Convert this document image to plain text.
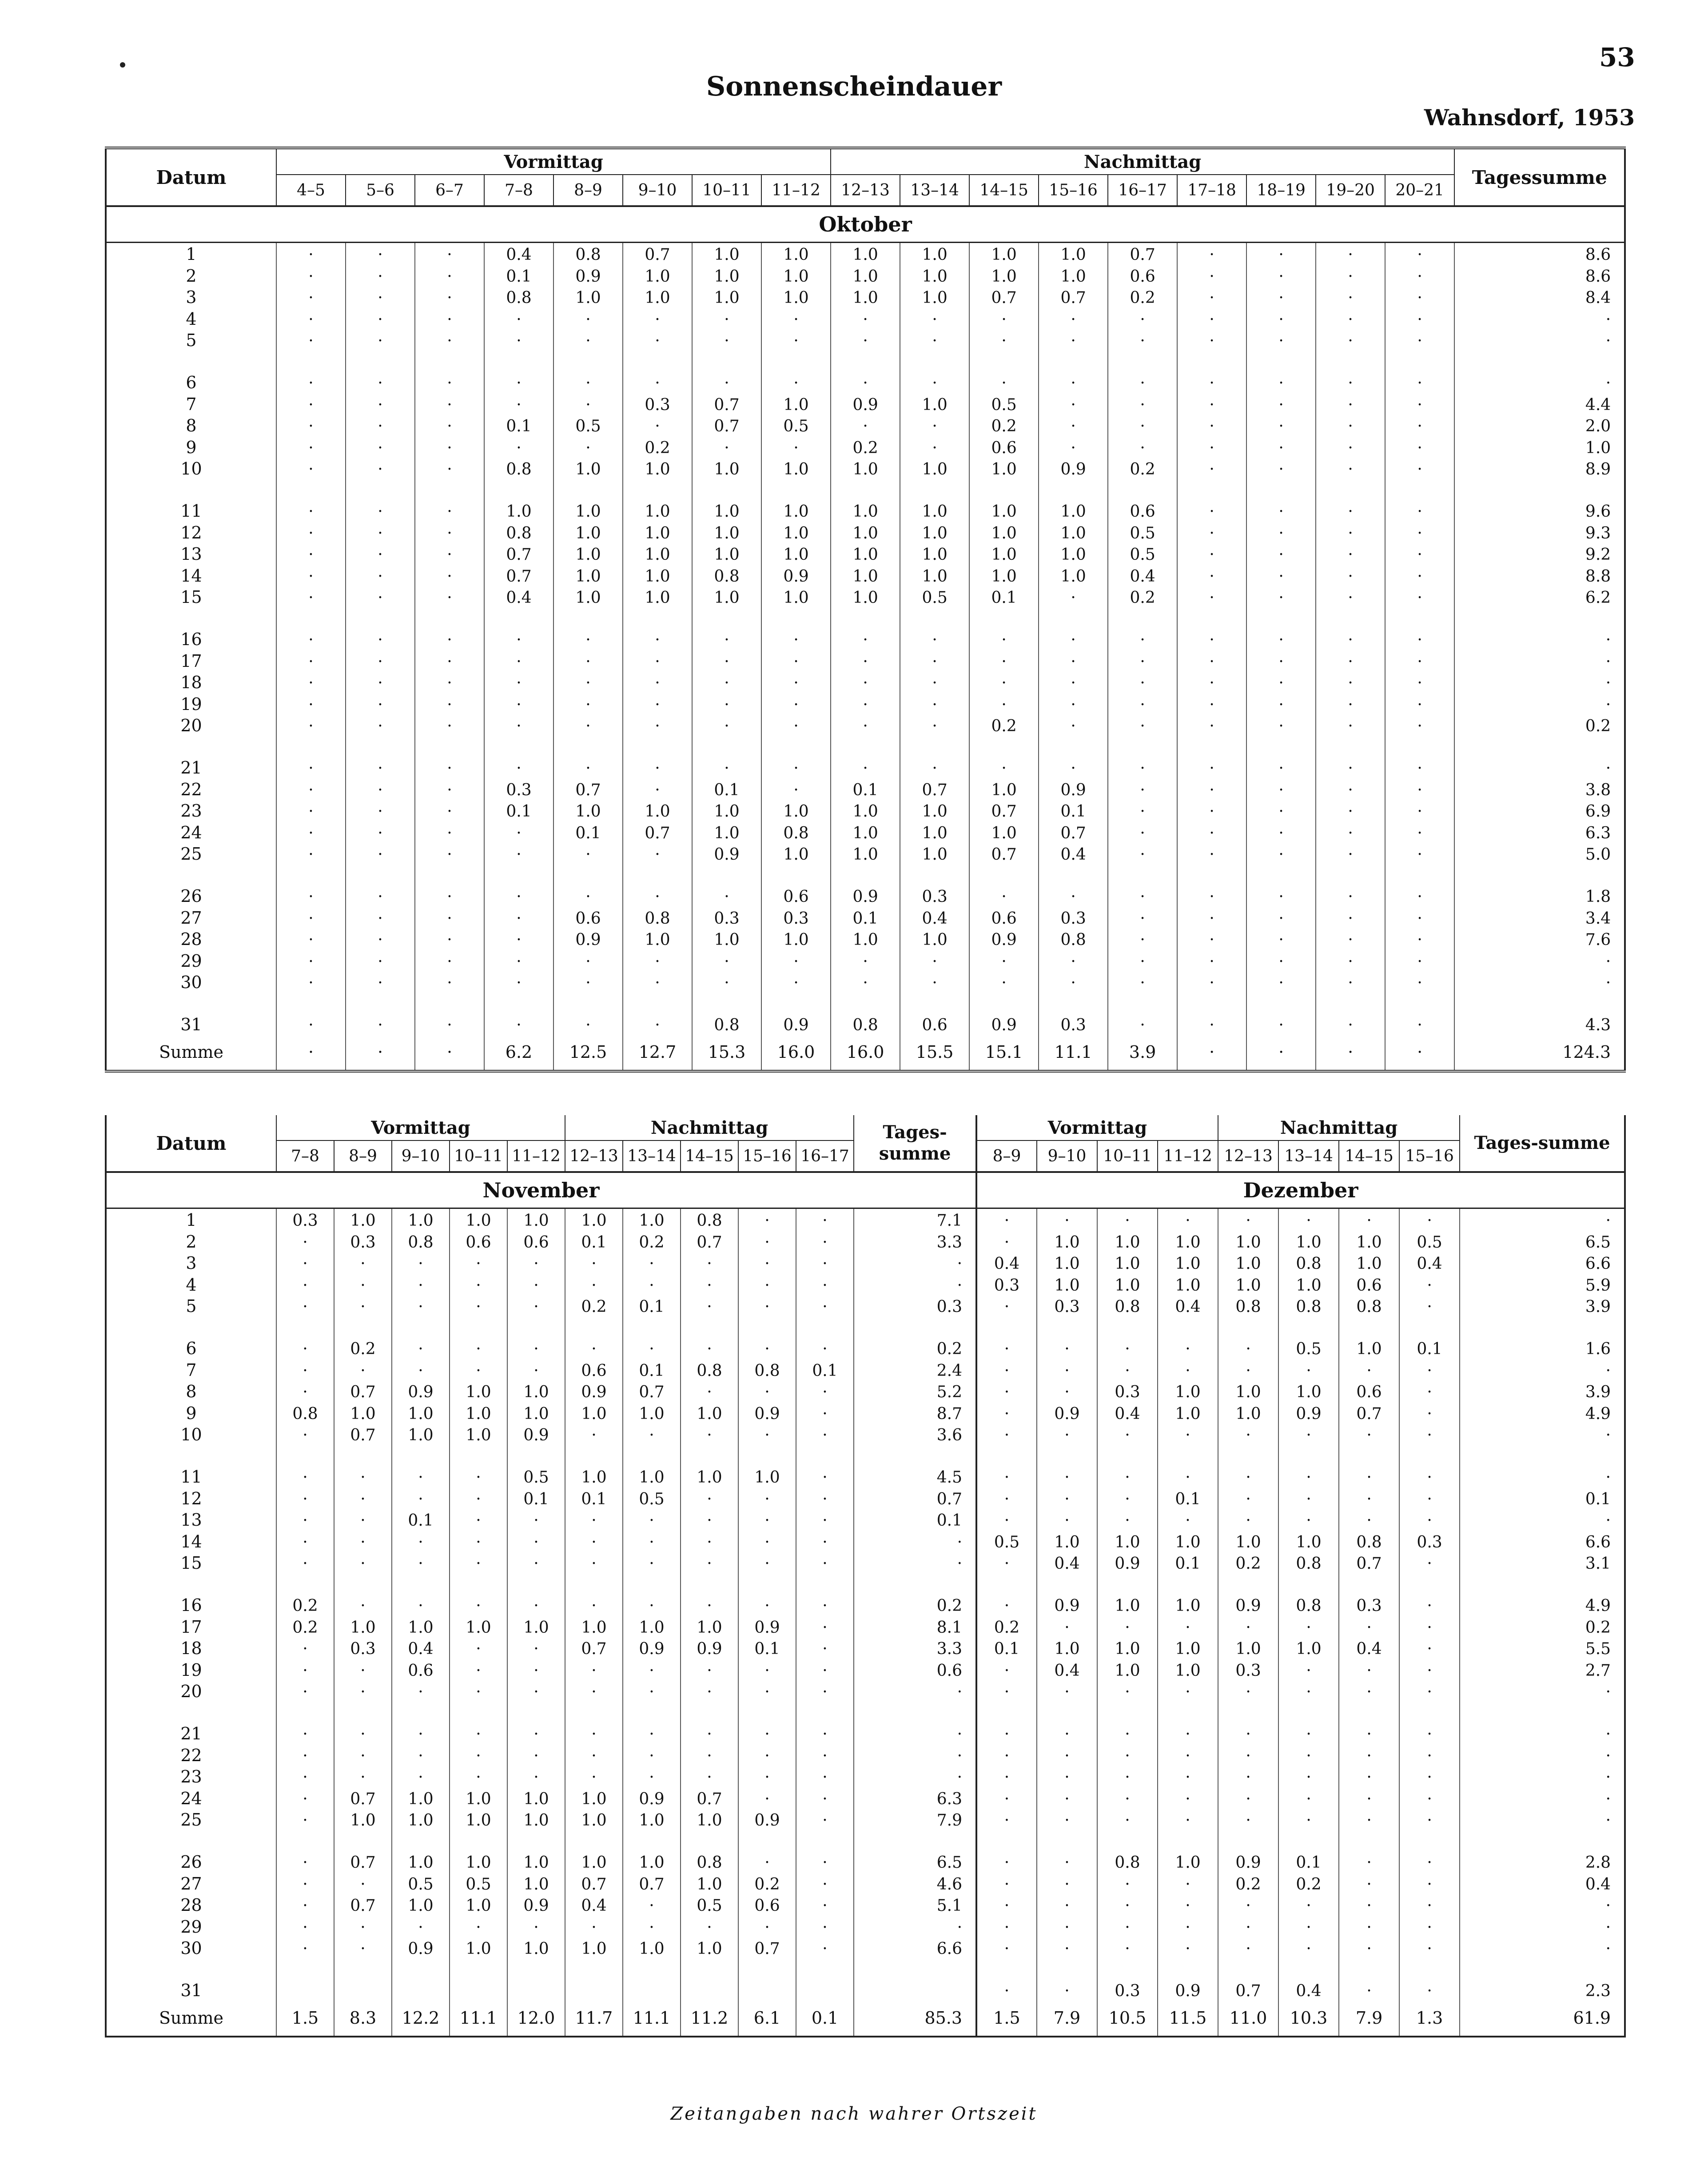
53
Sonnenscheindauer
Wahnsdorf, 1953
Datum	Vormittag								Nachmittag									Tagessumme
	4–5	5–6	6–7	7–8	8–9	9–10	10–11	11–12	12–13	13–14	14–15	15–16	16–17	17–18	18–19	19–20	20–21	
Oktober																		
1	·	·	·	0.4	0.8	0.7	1.0	1.0	1.0	1.0	1.0	1.0	0.7	·	·	·	·	8.6
2	·	·	·	0.1	0.9	1.0	1.0	1.0	1.0	1.0	1.0	1.0	0.6	·	·	·	·	8.6
3	·	·	·	0.8	1.0	1.0	1.0	1.0	1.0	1.0	0.7	0.7	0.2	·	·	·	·	8.4
4	·	·	·	·	·	·	·	·	·	·	·	·	·	·	·	·	·	·
5	·	·	·	·	·	·	·	·	·	·	·	·	·	·	·	·	·	·
6	·	·	·	·	·	·	·	·	·	·	·	·	·	·	·	·	·	·
7	·	·	·	·	·	0.3	0.7	1.0	0.9	1.0	0.5	·	·	·	·	·	·	4.4
8	·	·	·	0.1	0.5	·	0.7	0.5	·	·	0.2	·	·	·	·	·	·	2.0
9	·	·	·	·	·	0.2	·	·	0.2	·	0.6	·	·	·	·	·	·	1.0
10	·	·	·	0.8	1.0	1.0	1.0	1.0	1.0	1.0	1.0	0.9	0.2	·	·	·	·	8.9
11	·	·	·	1.0	1.0	1.0	1.0	1.0	1.0	1.0	1.0	1.0	0.6	·	·	·	·	9.6
12	·	·	·	0.8	1.0	1.0	1.0	1.0	1.0	1.0	1.0	1.0	0.5	·	·	·	·	9.3
13	·	·	·	0.7	1.0	1.0	1.0	1.0	1.0	1.0	1.0	1.0	0.5	·	·	·	·	9.2
14	·	·	·	0.7	1.0	1.0	0.8	0.9	1.0	1.0	1.0	1.0	0.4	·	·	·	·	8.8
15	·	·	·	0.4	1.0	1.0	1.0	1.0	1.0	0.5	0.1	·	0.2	·	·	·	·	6.2
16	·	·	·	·	·	·	·	·	·	·	·	·	·	·	·	·	·	·
17	·	·	·	·	·	·	·	·	·	·	·	·	·	·	·	·	·	·
18	·	·	·	·	·	·	·	·	·	·	·	·	·	·	·	·	·	·
19	·	·	·	·	·	·	·	·	·	·	·	·	·	·	·	·	·	·
20	·	·	·	·	·	·	·	·	·	·	0.2	·	·	·	·	·	·	0.2
21	·	·	·	·	·	·	·	·	·	·	·	·	·	·	·	·	·	·
22	·	·	·	0.3	0.7	·	0.1	·	0.1	0.7	1.0	0.9	·	·	·	·	·	3.8
23	·	·	·	0.1	1.0	1.0	1.0	1.0	1.0	1.0	0.7	0.1	·	·	·	·	·	6.9
24	·	·	·	·	0.1	0.7	1.0	0.8	1.0	1.0	1.0	0.7	·	·	·	·	·	6.3
25	·	·	·	·	·	·	0.9	1.0	1.0	1.0	0.7	0.4	·	·	·	·	·	5.0
26	·	·	·	·	·	·	·	0.6	0.9	0.3	·	·	·	·	·	·	·	1.8
27	·	·	·	·	0.6	0.8	0.3	0.3	0.1	0.4	0.6	0.3	·	·	·	·	·	3.4
28	·	·	·	·	0.9	1.0	1.0	1.0	1.0	1.0	0.9	0.8	·	·	·	·	·	7.6
29	·	·	·	·	·	·	·	·	·	·	·	·	·	·	·	·	·	·
30	·	·	·	·	·	·	·	·	·	·	·	·	·	·	·	·	·	·
31	·	·	·	·	·	·	0.8	0.9	0.8	0.6	0.9	0.3	·	·	·	·	·	4.3
Summe	·	·	·	6.2	12.5	12.7	15.3	16.0	16.0	15.5	15.1	11.1	3.9	·	·	·	·	124.3
Datum	Vormittag					Nachmittag					Tages-summe
	7–8	8–9	9–10	10–11	11–12	12–13	13–14	14–15	15–16	16–17	
November											
1	0.3	1.0	1.0	1.0	1.0	1.0	1.0	0.8	·	·	7.1
2	·	0.3	0.8	0.6	0.6	0.1	0.2	0.7	·	·	3.3
3	·	·	·	·	·	·	·	·	·	·	·
4	·	·	·	·	·	·	·	·	·	·	·
5	·	·	·	·	·	0.2	0.1	·	·	·	0.3
6	·	0.2	·	·	·	·	·	·	·	·	0.2
7	·	·	·	·	·	0.6	0.1	0.8	0.8	0.1	2.4
8	·	0.7	0.9	1.0	1.0	0.9	0.7	·	·	·	5.2
9	0.8	1.0	1.0	1.0	1.0	1.0	1.0	1.0	0.9	·	8.7
10	·	0.7	1.0	1.0	0.9	·	·	·	·	·	3.6
11	·	·	·	·	0.5	1.0	1.0	1.0	1.0	·	4.5
12	·	·	·	·	0.1	0.1	0.5	·	·	·	0.7
13	·	·	0.1	·	·	·	·	·	·	·	0.1
14	·	·	·	·	·	·	·	·	·	·	·
15	·	·	·	·	·	·	·	·	·	·	·
16	0.2	·	·	·	·	·	·	·	·	·	0.2
17	0.2	1.0	1.0	1.0	1.0	1.0	1.0	1.0	0.9	·	8.1
18	·	0.3	0.4	·	·	0.7	0.9	0.9	0.1	·	3.3
19	·	·	0.6	·	·	·	·	·	·	·	0.6
20	·	·	·	·	·	·	·	·	·	·	·
21	·	·	·	·	·	·	·	·	·	·	·
22	·	·	·	·	·	·	·	·	·	·	·
23	·	·	·	·	·	·	·	·	·	·	·
24	·	0.7	1.0	1.0	1.0	1.0	0.9	0.7	·	·	6.3
25	·	1.0	1.0	1.0	1.0	1.0	1.0	1.0	0.9	·	7.9
26	·	0.7	1.0	1.0	1.0	1.0	1.0	0.8	·	·	6.5
27	·	·	0.5	0.5	1.0	0.7	0.7	1.0	0.2	·	4.6
28	·	0.7	1.0	1.0	0.9	0.4	·	0.5	0.6	·	5.1
29	·	·	·	·	·	·	·	·	·	·	·
30	·	·	0.9	1.0	1.0	1.0	1.0	1.0	0.7	·	6.6
31											
Summe	1.5	8.3	12.2	11.1	12.0	11.7	11.1	11.2	6.1	0.1	85.3
Vormittag				Nachmittag				Tages-summe
8–9	9–10	10–11	11–12	12–13	13–14	14–15	15–16	
Dezember								
·	·	·	·	·	·	·	·	·
·	1.0	1.0	1.0	1.0	1.0	1.0	0.5	6.5
0.4	1.0	1.0	1.0	1.0	0.8	1.0	0.4	6.6
0.3	1.0	1.0	1.0	1.0	1.0	0.6	·	5.9
·	0.3	0.8	0.4	0.8	0.8	0.8	·	3.9
·	·	·	·	·	0.5	1.0	0.1	1.6
·	·	·	·	·	·	·	·	·
·	·	0.3	1.0	1.0	1.0	0.6	·	3.9
·	0.9	0.4	1.0	1.0	0.9	0.7	·	4.9
·	·	·	·	·	·	·	·	·
·	·	·	·	·	·	·	·	·
·	·	·	0.1	·	·	·	·	0.1
·	·	·	·	·	·	·	·	·
0.5	1.0	1.0	1.0	1.0	1.0	0.8	0.3	6.6
·	0.4	0.9	0.1	0.2	0.8	0.7	·	3.1
·	0.9	1.0	1.0	0.9	0.8	0.3	·	4.9
0.2	·	·	·	·	·	·	·	0.2
0.1	1.0	1.0	1.0	1.0	1.0	0.4	·	5.5
·	0.4	1.0	1.0	0.3	·	·	·	2.7
·	·	·	·	·	·	·	·	·
·	·	·	·	·	·	·	·	·
·	·	·	·	·	·	·	·	·
·	·	·	·	·	·	·	·	·
·	·	·	·	·	·	·	·	·
·	·	·	·	·	·	·	·	·
·	·	0.8	1.0	0.9	0.1	·	·	2.8
·	·	·	·	0.2	0.2	·	·	0.4
·	·	·	·	·	·	·	·	·
·	·	·	·	·	·	·	·	·
·	·	·	·	·	·	·	·	·
·	·	0.3	0.9	0.7	0.4	·	·	2.3
1.5	7.9	10.5	11.5	11.0	10.3	7.9	1.3	61.9
Zeitangaben nach wahrer Ortszeit
